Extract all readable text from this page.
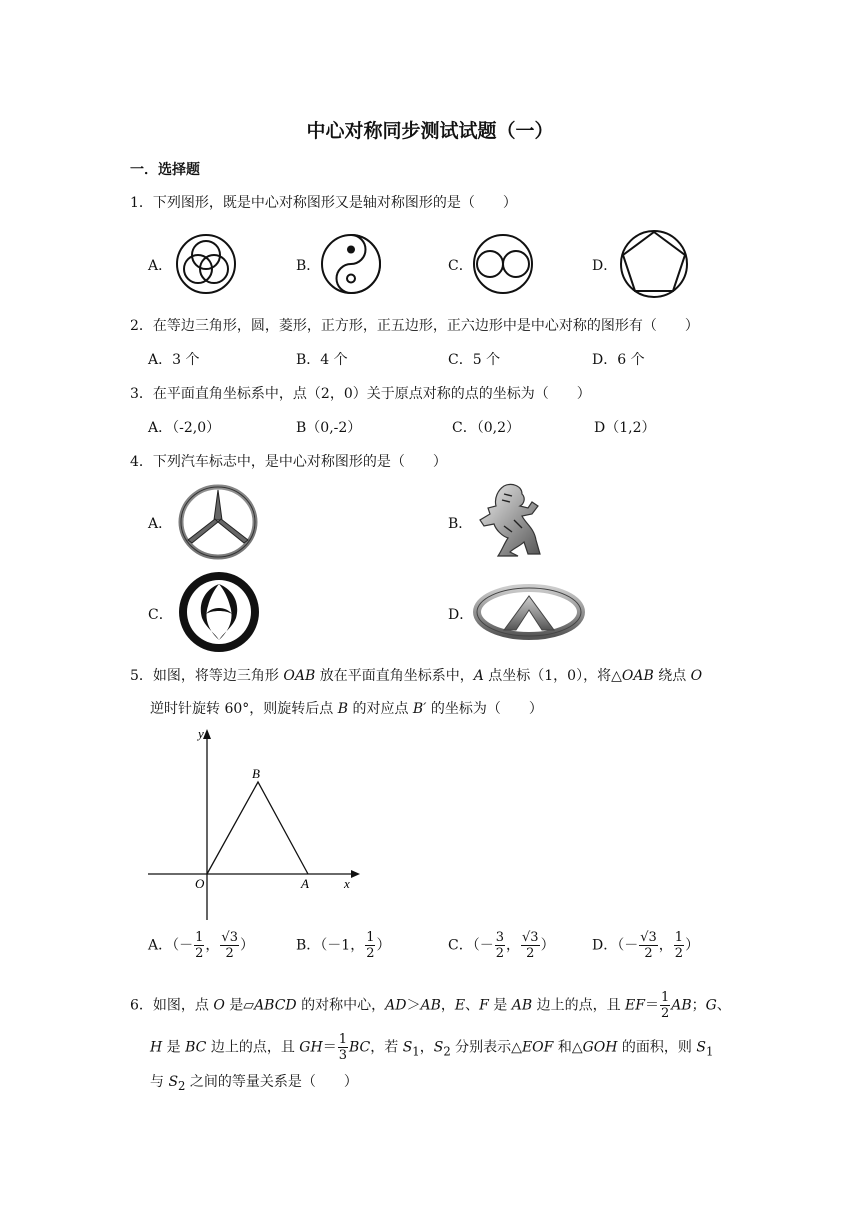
中心对称同步测试试题（一）
一．选择题
1．下列图形，既是中心对称图形又是轴对称图形的是（　　）
A．	B．	C．	D．
2．在等边三角形，圆，菱形，正方形，正五边形，正六边形中是中心对称的图形有（　　）
A．3 个	B．4 个	C．5 个	D．6 个
3．在平面直角坐标系中，点（2，0）关于原点对称的点的坐标为（　　）
A．（-2,0）	B（0,-2）	C．（0,2）	D（1,2）
4．下列汽车标志中，是中心对称图形的是（　　）
A．	B．
C．	D．
5．如图，将等边三角形 OAB 放在平面直角坐标系中，A 点坐标（1，0），将△OAB 绕点 O
逆时针旋转 60°，则旋转后点 B 的对应点 B′ 的坐标为（　　）
y
x
O	A
B
A．（－ $\frac{1}{2}$ ， $\frac{√3}{2}$ ）	B．（－1， $\frac{1}{2}$ ）	C．（－ $\frac{3}{2}$ ， $\frac{√3}{2}$ ）	D．（－ $\frac{√3}{2}$ ， $\frac{1}{2}$ ）
6．如图，点 O 是▱ABCD 的对称中心，AD＞AB，E、F 是 AB 边上的点，且 $EF= \frac{1}{2}$ AB；G、
H 是 BC 边上的点，且 $GH= \frac{1}{3}$ BC，若 $S_1$，$S_2$ 分别表示△EOF 和△GOH 的面积，则 $S_1$
与 $S_2$ 之间的等量关系是（　　）
